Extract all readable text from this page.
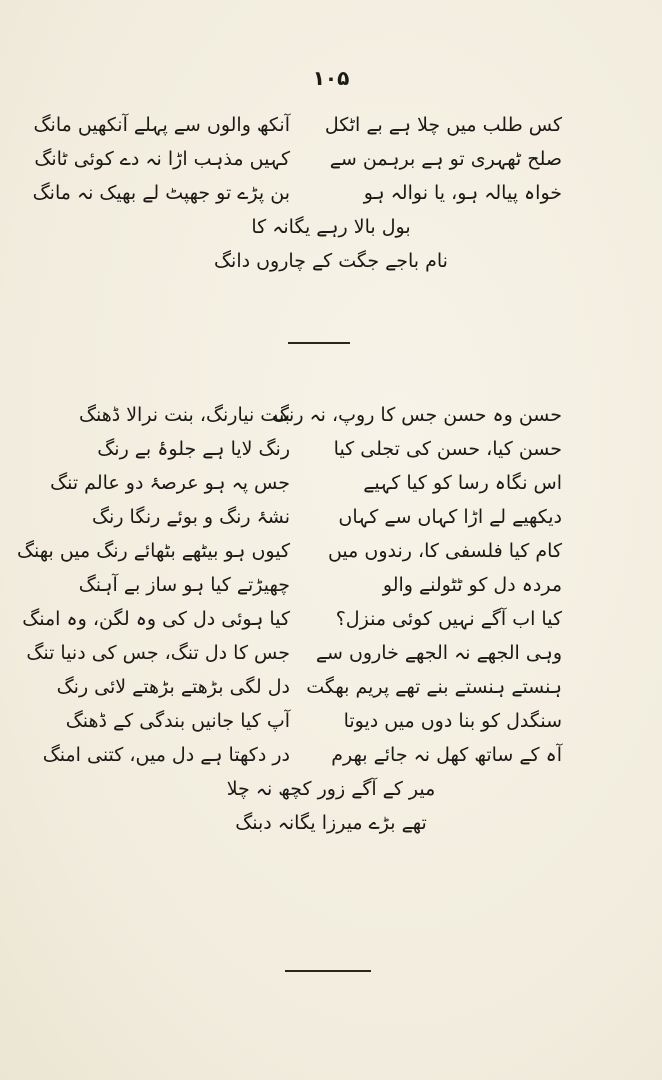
۱۰۵
کس طلب میں چلا ہے بے اٹکل
آنکھ والوں سے پہلے آنکھیں مانگ
صلح ٹھہری تو ہے برہمن سے
کہیں مذہب اڑا نہ دے کوئی ٹانگ
خواہ پیالہ ہو، یا نوالہ ہو
بن پڑے تو جھپٹ لے بھیک نہ مانگ
بول بالا رہے یگانہ کا
نام باجے جگت کے چاروں دانگ
حسن وہ حسن جس کا روپ، نہ رنگ
بنت نیارنگ، بنت نرالا ڈھنگ
حسن کیا، حسن کی تجلی کیا
رنگ لایا ہے جلوۂ بے رنگ
اس نگاہ رسا کو کیا کہیے
جس پہ ہو عرصۂ دو عالم تنگ
دیکھیے لے اڑا کہاں سے کہاں
نشۂ رنگ و بوئے رنگا رنگ
کام کیا فلسفی کا، رندوں میں
کیوں ہو بیٹھے بٹھائے رنگ میں بھنگ
مردہ دل کو ٹٹولنے والو
چھیڑتے کیا ہو ساز بے آہنگ
کیا اب آگے نہیں کوئی منزل؟
کیا ہوئی دل کی وہ لگن، وہ امنگ
وہی الجھے نہ الجھے خاروں سے
جس کا دل تنگ، جس کی دنیا تنگ
ہنستے ہنستے بنے تھے پریم بھگت
دل لگی بڑھتے بڑھتے لائی رنگ
سنگدل کو بنا دوں میں دیوتا
آپ کیا جانیں بندگی کے ڈھنگ
آہ کے ساتھ کھل نہ جائے بھرم
در دکھتا ہے دل میں، کتنی امنگ
میر کے آگے زور کچھ نہ چلا
تھے بڑے میرزا یگانہ دبنگ
